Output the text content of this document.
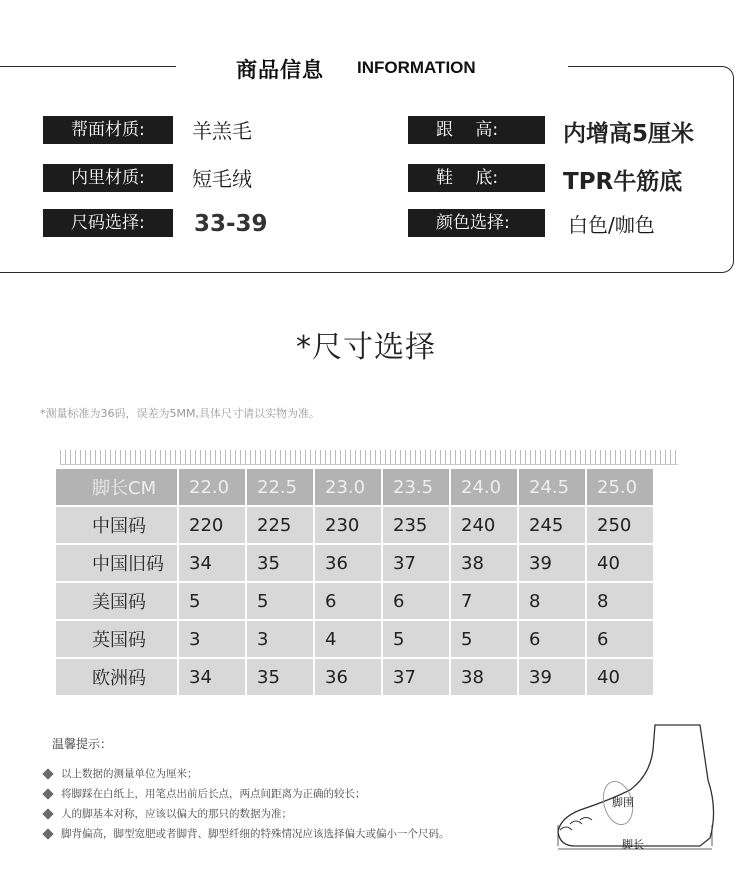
商品信息 INFORMATION
帮面材质:	羊羔毛
内里材质:	短毛绒
尺码选择:	33-39
跟　 高:	内增高5厘米
鞋　 底:	TPR牛筋底
颜色选择:	白色/咖色
*尺寸选择
*测量标准为36码，误差为5MM,具体尺寸请以实物为准。
脚长CM	22.0	22.5	23.0	23.5	24.0	24.5	25.0
中国码	220	225	230	235	240	245	250
中国旧码	34	35	36	37	38	39	40
美国码	5	5	6	6	7	8	8
英国码	3	3	4	5	5	6	6
欧洲码	34	35	36	37	38	39	40
温馨提示：
以上数据的测量单位为厘米；
将脚踩在白纸上，用笔点出前后长点，两点间距离为正确的较长；
人的脚基本对称，应该以偏大的那只的数据为准；
脚背偏高，脚型宽肥或者脚背、脚型纤细的特殊情况应该选择偏大或偏小一个尺码。
脚围
脚长
